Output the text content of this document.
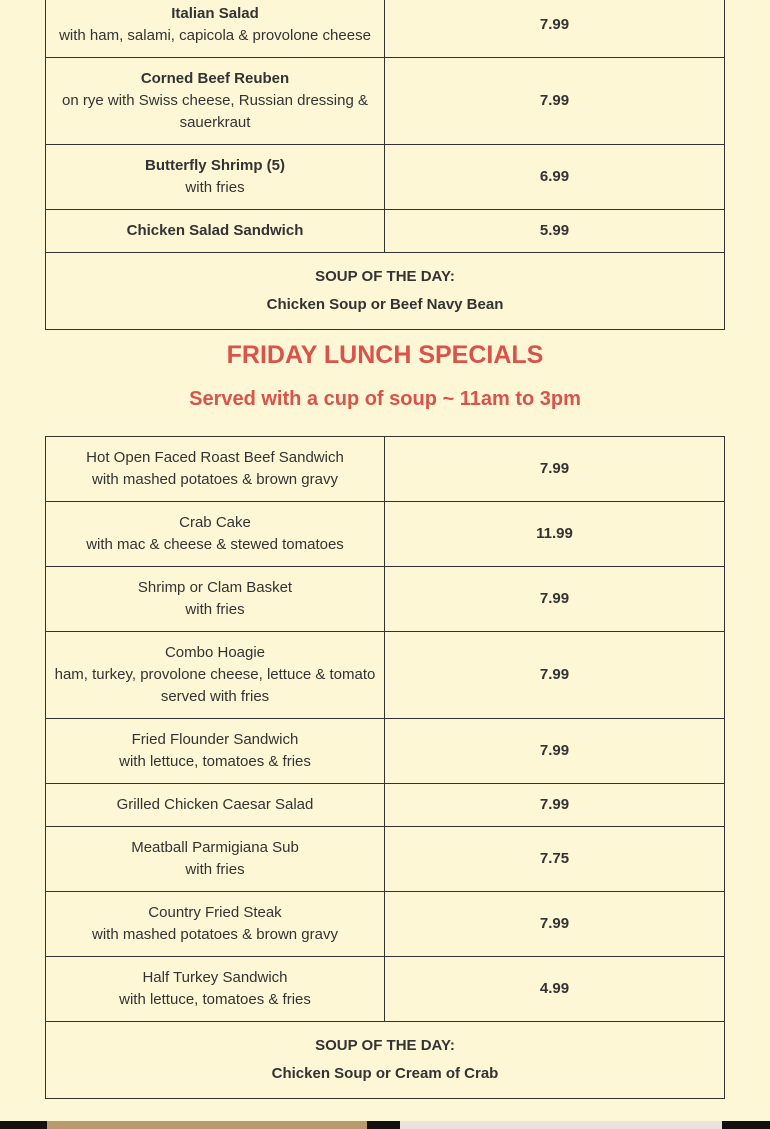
Italian Salad
with ham, salami, capicola & provolone cheese	7.99

Corned Beef Reuben
on rye with Swiss cheese, Russian dressing & sauerkraut	7.99

Butterfly Shrimp (5)
with fries	6.99

Chicken Salad Sandwich	5.99

SOUP OF THE DAY:
Chicken Soup or Beef Navy Bean	
FRIDAY LUNCH SPECIALS
Served with a cup of soup ~ 11am to 3pm
Hot Open Faced Roast Beef Sandwich
with mashed potatoes & brown gravy	7.99

Crab Cake
with mac & cheese & stewed tomatoes	11.99

Shrimp or Clam Basket
with fries	7.99

Combo Hoagie
ham, turkey, provolone cheese, lettuce & tomato served with fries	7.99

Fried Flounder Sandwich
with lettuce, tomatoes & fries	7.99

Grilled Chicken Caesar Salad	7.99

Meatball Parmigiana Sub
with fries	7.75

Country Fried Steak
with mashed potatoes & brown gravy	7.99

Half Turkey Sandwich
with lettuce, tomatoes & fries	4.99

SOUP OF THE DAY:
Chicken Soup or Cream of Crab	
